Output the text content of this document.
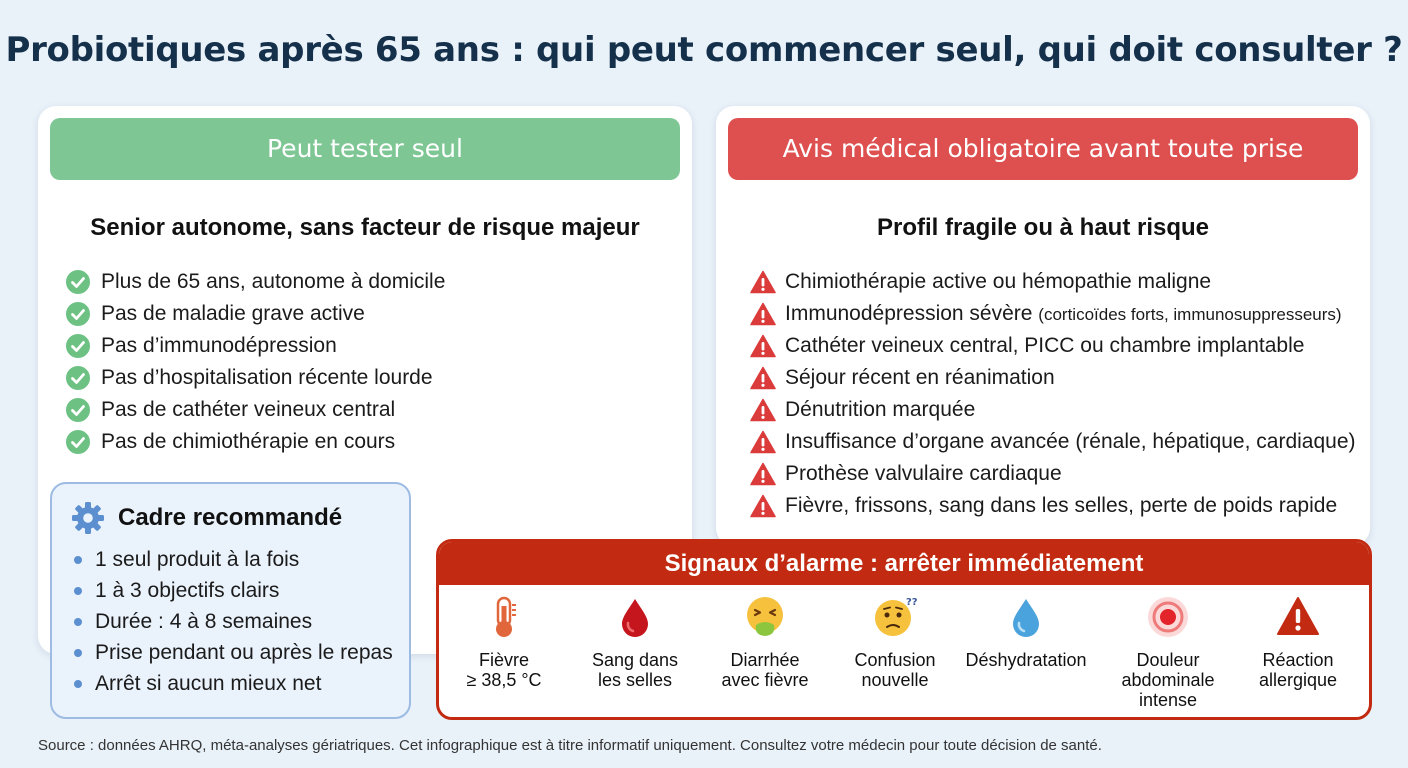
Probiotiques après 65 ans : qui peut commencer seul, qui doit consulter ?
Peut tester seul
Senior autonome, sans facteur de risque majeur
Plus de 65 ans, autonome à domicile
Pas de maladie grave active
Pas d’immunodépression
Pas d’hospitalisation récente lourde
Pas de cathéter veineux central
Pas de chimiothérapie en cours
Avis médical obligatoire avant toute prise
Profil fragile ou à haut risque
Chimiothérapie active ou hémopathie maligne
Immunodépression sévère (corticoïdes forts, immunosuppresseurs)
Cathéter veineux central, PICC ou chambre implantable
Séjour récent en réanimation
Dénutrition marquée
Insuffisance d’organe avancée (rénale, hépatique, cardiaque)
Prothèse valvulaire cardiaque
Fièvre, frissons, sang dans les selles, perte de poids rapide
Cadre recommandé
1 seul produit à la fois
1 à 3 objectifs clairs
Durée : 4 à 8 semaines
Prise pendant ou après le repas
Arrêt si aucun mieux net
Signaux d’alarme : arrêter immédiatement
Fièvre
≥ 38,5 °C
Sang dans
les selles
Diarrhée
avec fièvre
??
Confusion
nouvelle
Déshydratation	Douleur
abdominale
intense
Réaction
allergique
Source : données AHRQ, méta-analyses gériatriques. Cet infographique est à titre informatif uniquement. Consultez votre médecin pour toute décision de santé.
